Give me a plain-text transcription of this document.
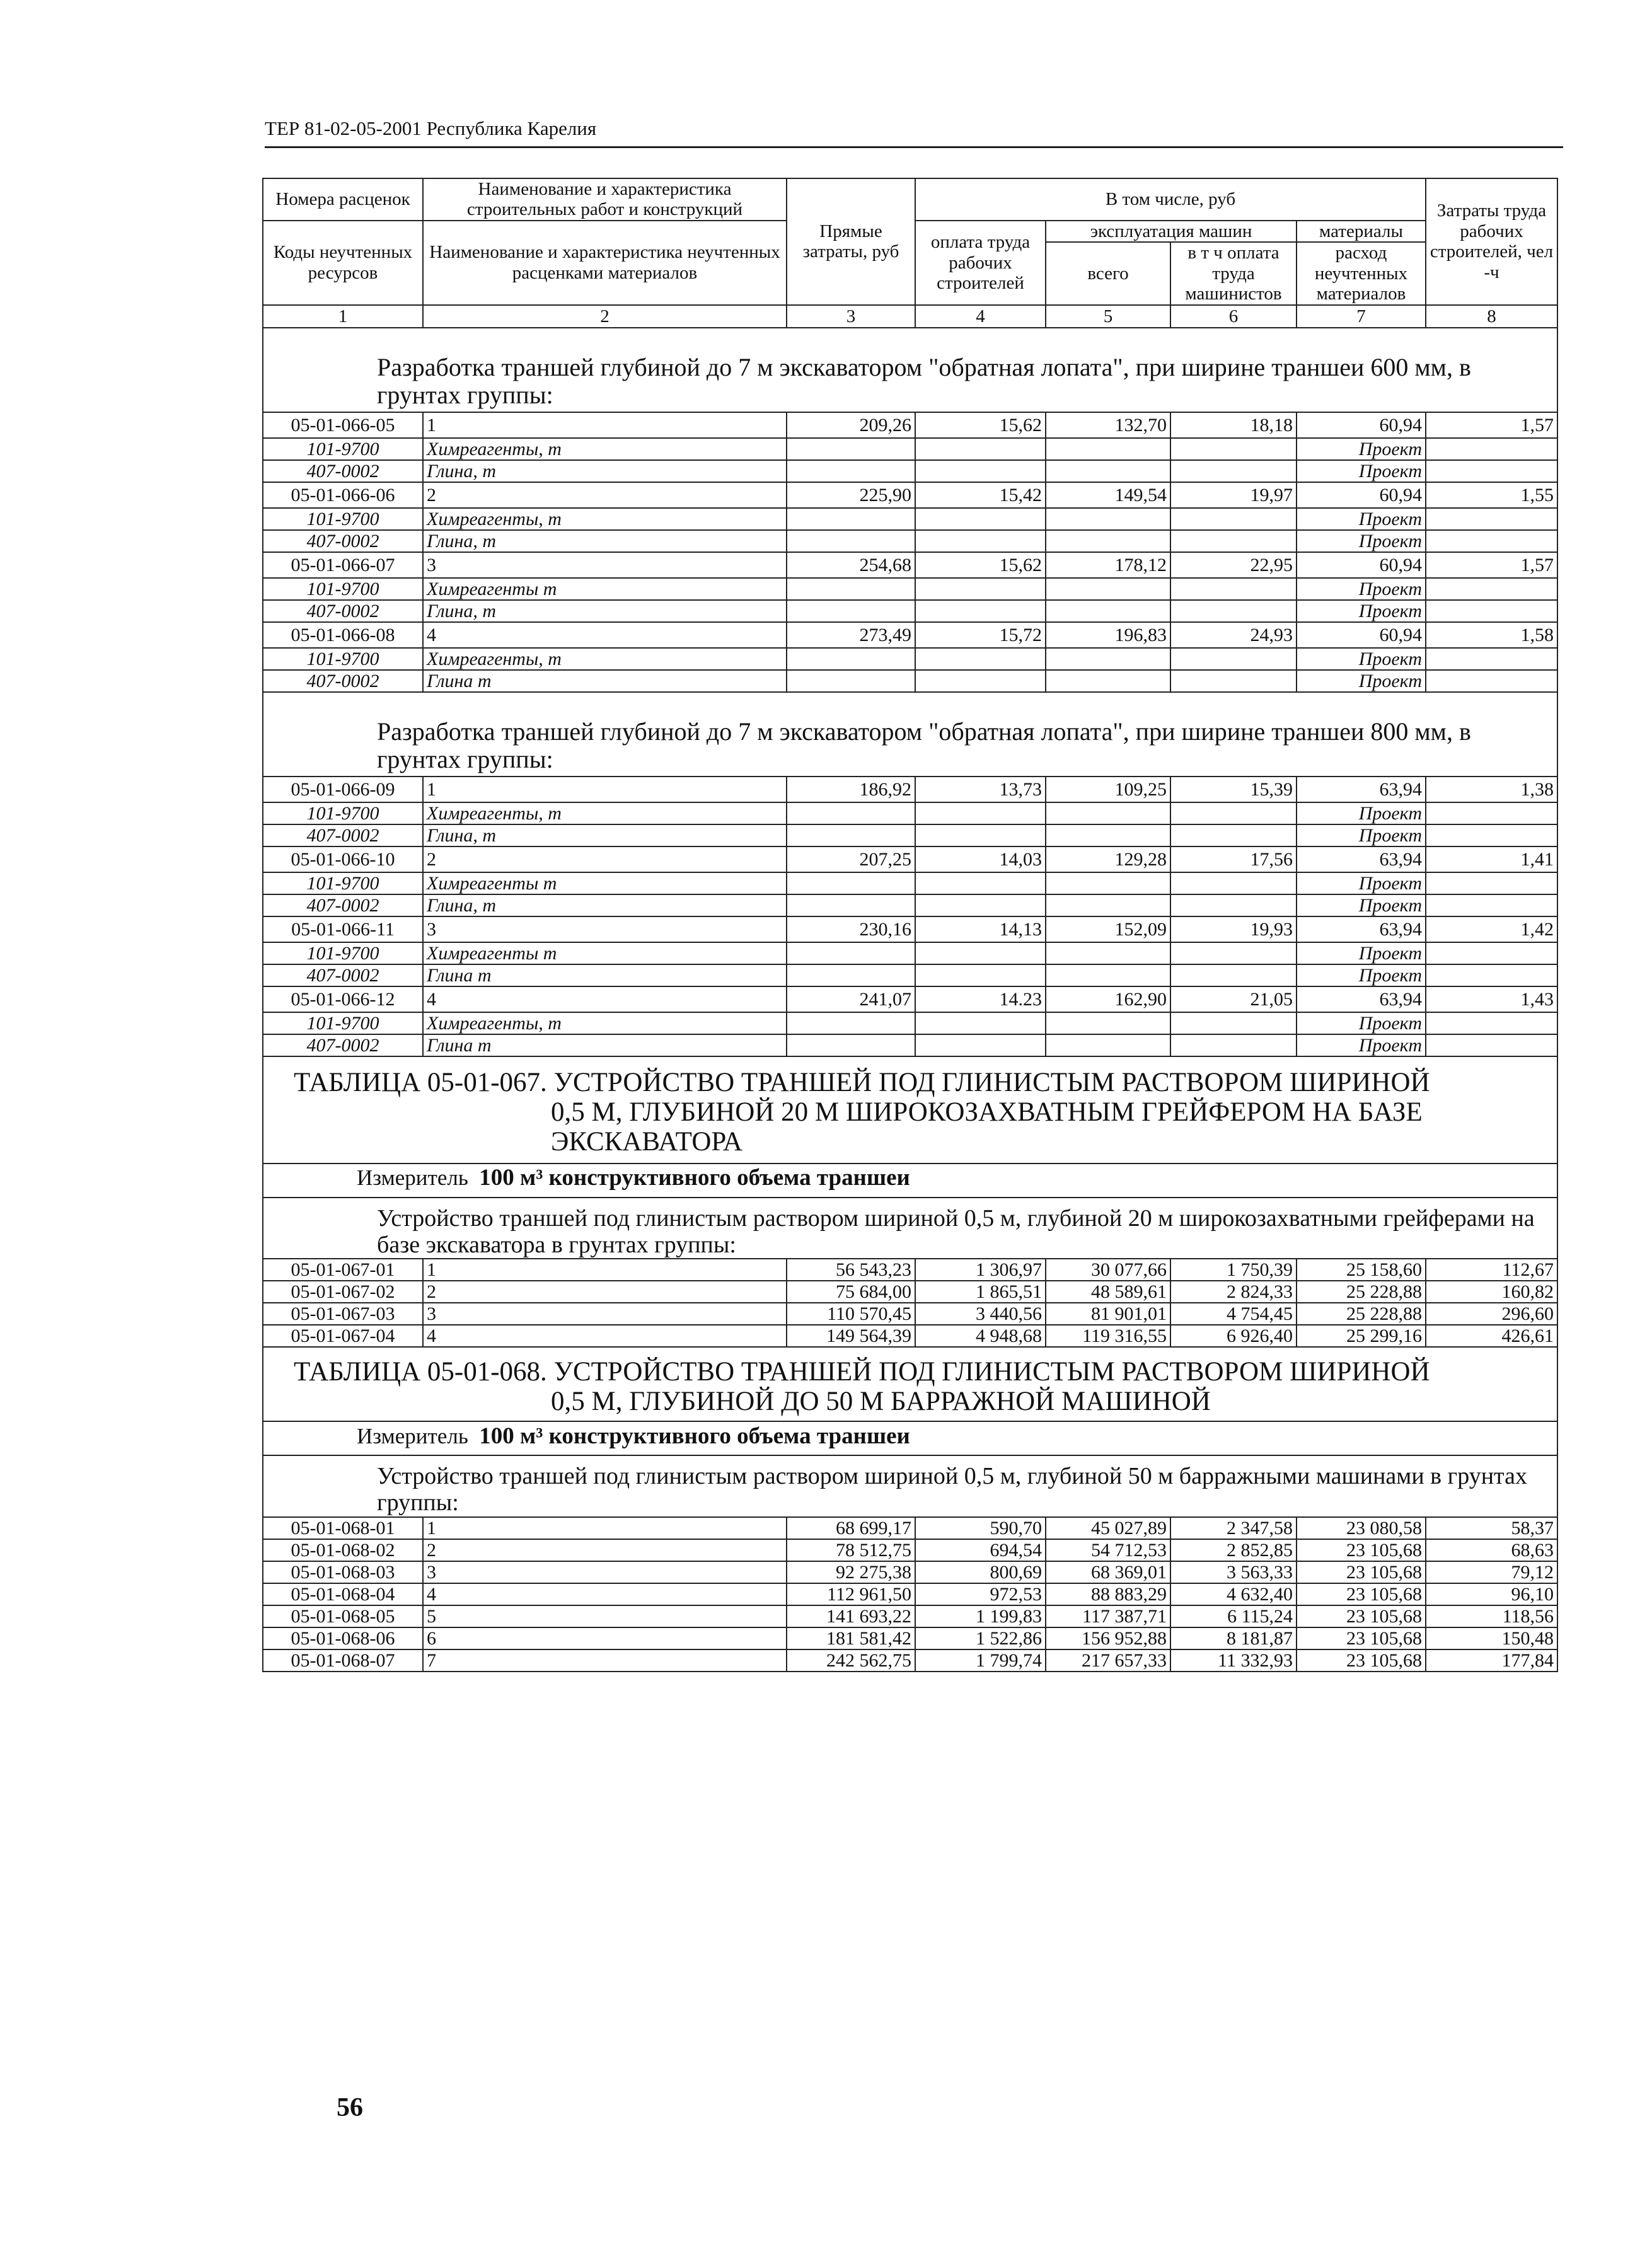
ТЕР 81-02-05-2001 Республика Карелия
Номера расценок	Наименование и характеристика строительных работ и конструкций	Прямые затраты, руб	В том числе, руб				Затраты труда рабочих строителей, чел -ч
Коды неучтенных ресурсов	Наименование и характеристика неучтенных расценками материалов		оплата труда рабочих строителей	эксплуатация машин		материалы	
				всего	в т ч оплата труда машинистов	расход неучтенных материалов	
1	2	3	4	5	6	7	8
Разработка траншей глубиной до 7 м экскаватором "обратная лопата", при ширине траншеи 600 мм, в грунтах группы:							
05-01-066-05	1	209,26	15,62	132,70	18,18	60,94	1,57
101-9700	Химреагенты, т					Проект	
407-0002	Глина, т					Проект	
05-01-066-06	2	225,90	15,42	149,54	19,97	60,94	1,55
101-9700	Химреагенты, т					Проект	
407-0002	Глина, т					Проект	
05-01-066-07	3	254,68	15,62	178,12	22,95	60,94	1,57
101-9700	Химреагенты т					Проект	
407-0002	Глина, т					Проект	
05-01-066-08	4	273,49	15,72	196,83	24,93	60,94	1,58
101-9700	Химреагенты, т					Проект	
407-0002	Глина т					Проект	
Разработка траншей глубиной до 7 м экскаватором "обратная лопата", при ширине траншеи 800 мм, в грунтах группы:							
05-01-066-09	1	186,92	13,73	109,25	15,39	63,94	1,38
101-9700	Химреагенты, т					Проект	
407-0002	Глина, т					Проект	
05-01-066-10	2	207,25	14,03	129,28	17,56	63,94	1,41
101-9700	Химреагенты т					Проект	
407-0002	Глина, т					Проект	
05-01-066-11	3	230,16	14,13	152,09	19,93	63,94	1,42
101-9700	Химреагенты т					Проект	
407-0002	Глина т					Проект	
05-01-066-12	4	241,07	14.23	162,90	21,05	63,94	1,43
101-9700	Химреагенты, т					Проект	
407-0002	Глина т					Проект	

ТАБЛИЦА 05-01-067. УСТРОЙСТВО ТРАНШЕЙ ПОД ГЛИНИСТЫМ РАСТВОРОМ ШИРИНОЙ
0,5 М, ГЛУБИНОЙ 20 М ШИРОКОЗАХВАТНЫМ ГРЕЙФЕРОМ НА БАЗЕ ЭКСКАВАТОРА							

Измеритель 100 м³ конструктивного объема траншеи							
Устройство траншей под глинистым раствором шириной 0,5 м, глубиной 20 м широкозахватными грейферами на базе экскаватора в грунтах группы:							
05-01-067-01	1	56 543,23	1 306,97	30 077,66	1 750,39	25 158,60	112,67
05-01-067-02	2	75 684,00	1 865,51	48 589,61	2 824,33	25 228,88	160,82
05-01-067-03	3	110 570,45	3 440,56	81 901,01	4 754,45	25 228,88	296,60
05-01-067-04	4	149 564,39	4 948,68	119 316,55	6 926,40	25 299,16	426,61

ТАБЛИЦА 05-01-068. УСТРОЙСТВО ТРАНШЕЙ ПОД ГЛИНИСТЫМ РАСТВОРОМ ШИРИНОЙ
0,5 М, ГЛУБИНОЙ ДО 50 М БАРРАЖНОЙ МАШИНОЙ							

Измеритель 100 м³ конструктивного объема траншеи							
Устройство траншей под глинистым раствором шириной 0,5 м, глубиной 50 м барражными машинами в грунтах группы:							
05-01-068-01	1	68 699,17	590,70	45 027,89	2 347,58	23 080,58	58,37
05-01-068-02	2	78 512,75	694,54	54 712,53	2 852,85	23 105,68	68,63
05-01-068-03	3	92 275,38	800,69	68 369,01	3 563,33	23 105,68	79,12
05-01-068-04	4	112 961,50	972,53	88 883,29	4 632,40	23 105,68	96,10
05-01-068-05	5	141 693,22	1 199,83	117 387,71	6 115,24	23 105,68	118,56
05-01-068-06	6	181 581,42	1 522,86	156 952,88	8 181,87	23 105,68	150,48
05-01-068-07	7	242 562,75	1 799,74	217 657,33	11 332,93	23 105,68	177,84
56
